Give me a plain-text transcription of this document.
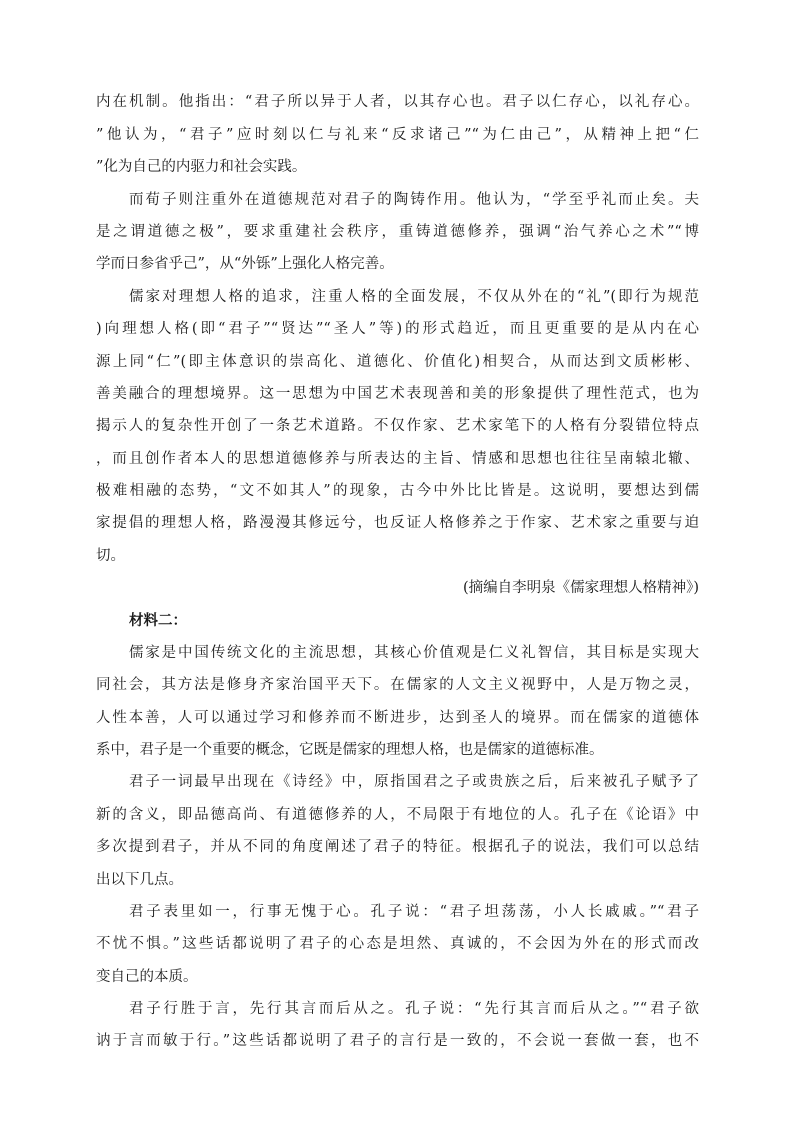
内在机制。他指出：“君子所以异于人者，以其存心也。君子以仁存心，以礼存心。
”他认为，“君子”应时刻以仁与礼来“反求诸己”“为仁由己”，从精神上把“仁
”化为自己的内驱力和社会实践。
而荀子则注重外在道德规范对君子的陶铸作用。他认为，“学至乎礼而止矣。夫
是之谓道德之极”，要求重建社会秩序，重铸道德修养，强调“治气养心之术”“博
学而日参省乎己”，从“外铄”上强化人格完善。
儒家对理想人格的追求，注重人格的全面发展，不仅从外在的“礼”(即行为规范
)向理想人格(即“君子”“贤达”“圣人”等)的形式趋近，而且更重要的是从内在心
源上同“仁”(即主体意识的崇高化、道德化、价值化)相契合，从而达到文质彬彬、
善美融合的理想境界。这一思想为中国艺术表现善和美的形象提供了理性范式，也为
揭示人的复杂性开创了一条艺术道路。不仅作家、艺术家笔下的人格有分裂错位特点
，而且创作者本人的思想道德修养与所表达的主旨、情感和思想也往往呈南辕北辙、
极难相融的态势，“文不如其人”的现象，古今中外比比皆是。这说明，要想达到儒
家提倡的理想人格，路漫漫其修远兮，也反证人格修养之于作家、艺术家之重要与迫
切。
(摘编自李明泉《儒家理想人格精神》)
材料二：
儒家是中国传统文化的主流思想，其核心价值观是仁义礼智信，其目标是实现大
同社会，其方法是修身齐家治国平天下。在儒家的人文主义视野中，人是万物之灵，
人性本善，人可以通过学习和修养而不断进步，达到圣人的境界。而在儒家的道德体
系中，君子是一个重要的概念，它既是儒家的理想人格，也是儒家的道德标准。
君子一词最早出现在《诗经》中，原指国君之子或贵族之后，后来被孔子赋予了
新的含义，即品德高尚、有道德修养的人，不局限于有地位的人。孔子在《论语》中
多次提到君子，并从不同的角度阐述了君子的特征。根据孔子的说法，我们可以总结
出以下几点。
君子表里如一，行事无愧于心。孔子说：“君子坦荡荡，小人长戚戚。”“君子
不忧不惧。”这些话都说明了君子的心态是坦然、真诚的，不会因为外在的形式而改
变自己的本质。
君子行胜于言，先行其言而后从之。孔子说：“先行其言而后从之。”“君子欲
讷于言而敏于行。”这些话都说明了君子的言行是一致的，不会说一套做一套，也不
